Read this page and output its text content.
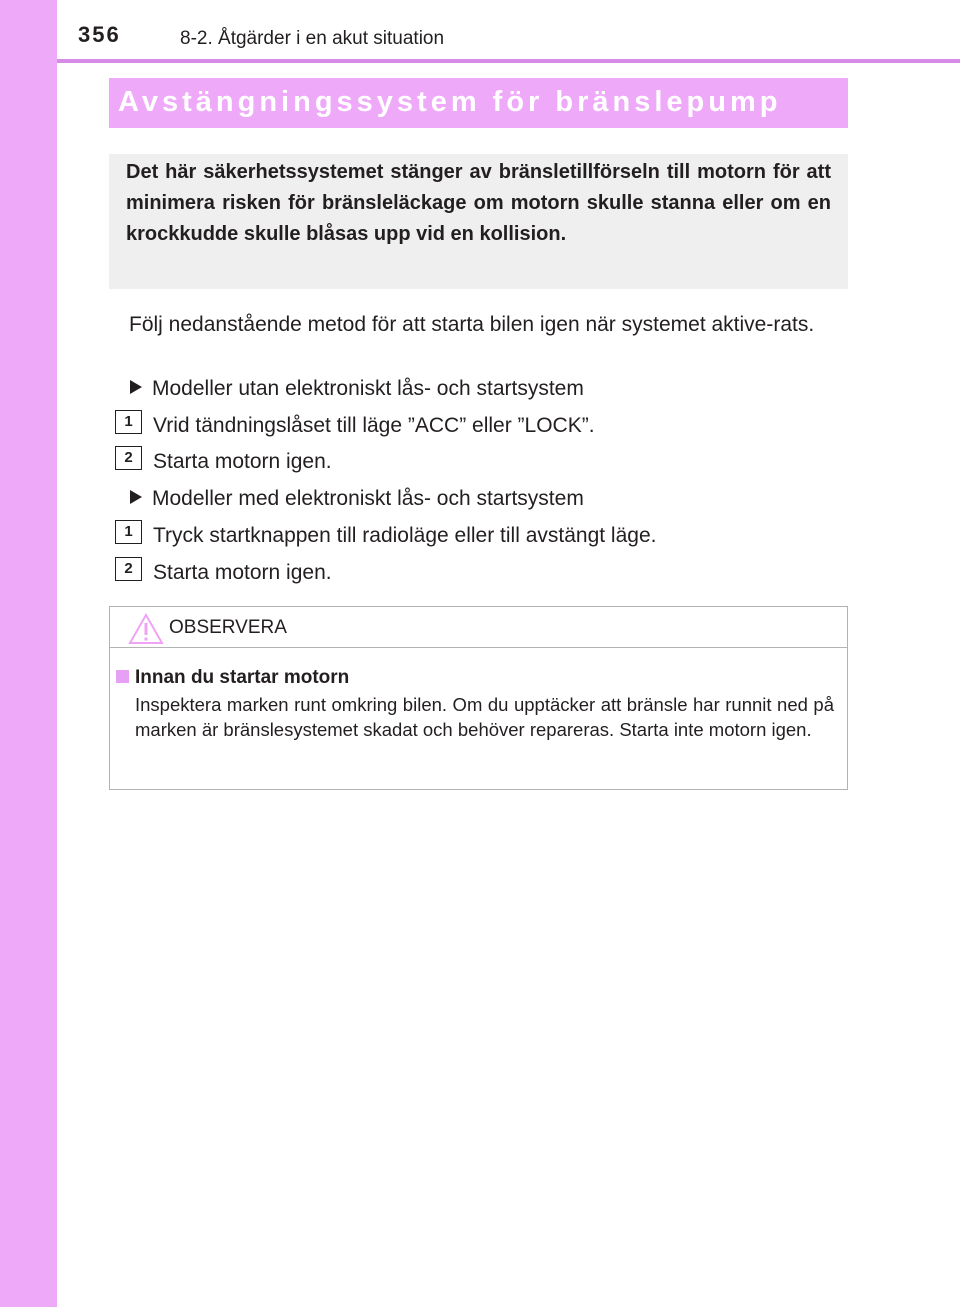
356	8-2. Åtgärder i en akut situation
Avstängningssystem för bränslepump
Det här säkerhetssystemet stänger av bränsletillförseln till motorn för att minimera risken för bränsleläckage om motorn skulle stanna eller om en krockkudde skulle blåsas upp vid en kollision.
Följ nedanstående metod för att starta bilen igen när systemet aktive-rats.
Modeller utan elektroniskt lås- och startsystem
1 Vrid tändningslåset till läge ”ACC” eller ”LOCK”.
2 Starta motorn igen.
Modeller med elektroniskt lås- och startsystem
1 Tryck startknappen till radioläge eller till avstängt läge.
2 Starta motorn igen.
OBSERVERA
Innan du startar motorn
Inspektera marken runt omkring bilen. Om du upptäcker att bränsle har runnit ned på marken är bränslesystemet skadat och behöver repareras. Starta inte motorn igen.
